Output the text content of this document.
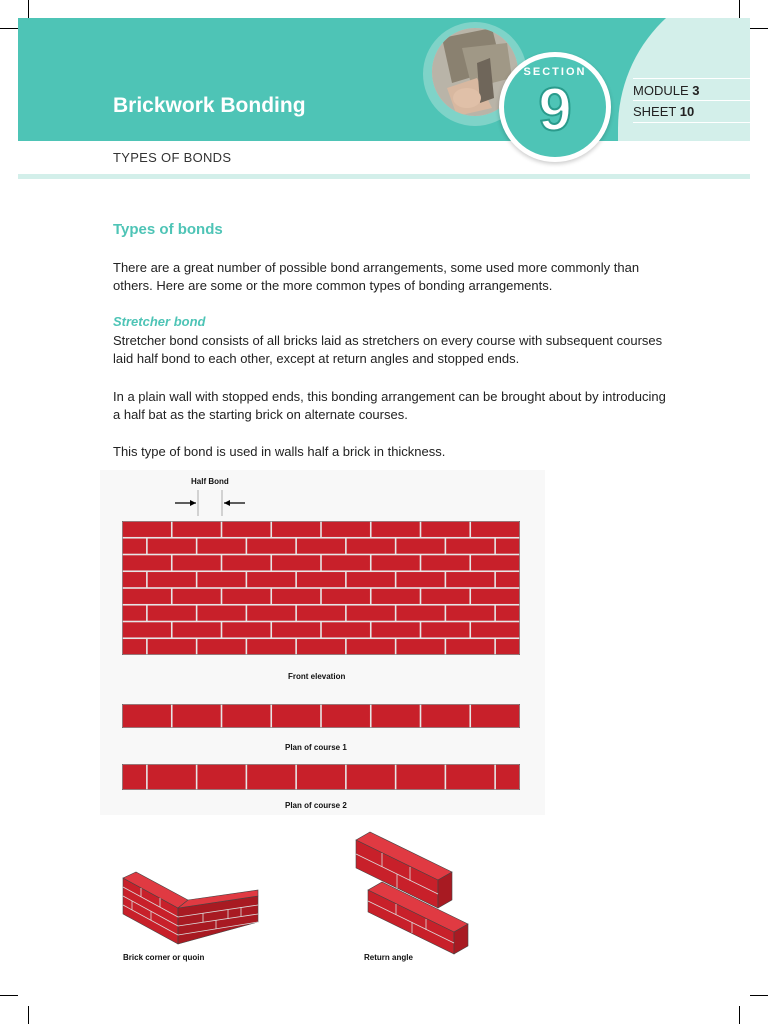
Brickwork Bonding
SECTION
9	MODULE 3
SHEET 10
TYPES OF BONDS
Types of bonds
There are a great number of possible bond arrangements, some used more commonly than others. Here are some or the more common types of bonding arrangements.
Stretcher bond
Stretcher bond consists of all bricks laid as stretchers on every course with subsequent courses laid half bond to each other, except at return angles and stopped ends.
In a plain wall with stopped ends, this bonding arrangement can be brought about by introducing a half bat as the starting brick on alternate courses.
This type of bond is used in walls half a brick in thickness.
Half Bond
Front elevation
Plan of course 1
Plan of course 2
Brick corner or quoin	Return angle
